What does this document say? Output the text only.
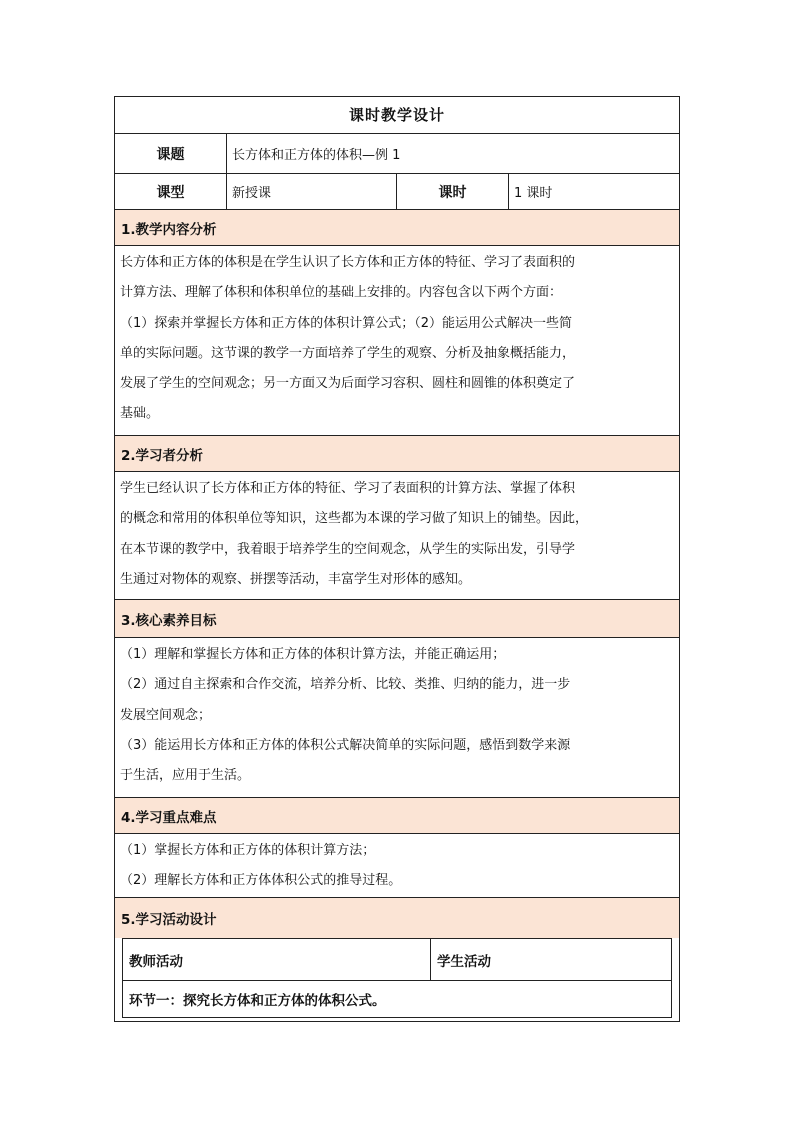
课时教学设计
课题	长方体和正方体的体积—例 1
课型	新授课	课时	1 课时
1.教学内容分析

长方体和正方体的体积是在学生认识了长方体和正方体的特征、学习了表面积的

计算方法、理解了体积和体积单位的基础上安排的。内容包含以下两个方面：

（1）探索并掌握长方体和正方体的体积计算公式；（2）能运用公式解决一些简

单的实际问题。这节课的教学一方面培养了学生的观察、分析及抽象概括能力，

发展了学生的空间观念；另一方面又为后面学习容积、圆柱和圆锥的体积奠定了

基础。

2.学习者分析

学生已经认识了长方体和正方体的特征、学习了表面积的计算方法、掌握了体积

的概念和常用的体积单位等知识，这些都为本课的学习做了知识上的铺垫。因此，

在本节课的教学中，我着眼于培养学生的空间观念，从学生的实际出发，引导学

生通过对物体的观察、拼摆等活动，丰富学生对形体的感知。

3.核心素养目标

（1）理解和掌握长方体和正方体的体积计算方法，并能正确运用；

（2）通过自主探索和合作交流，培养分析、比较、类推、归纳的能力，进一步

发展空间观念；

（3）能运用长方体和正方体的体积公式解决简单的实际问题，感悟到数学来源

于生活，应用于生活。

4.学习重点难点

（1）掌握长方体和正方体的体积计算方法；

（2）理解长方体和正方体体积公式的推导过程。

5.学习活动设计
教师活动	学生活动
环节一：探究长方体和正方体的体积公式。
